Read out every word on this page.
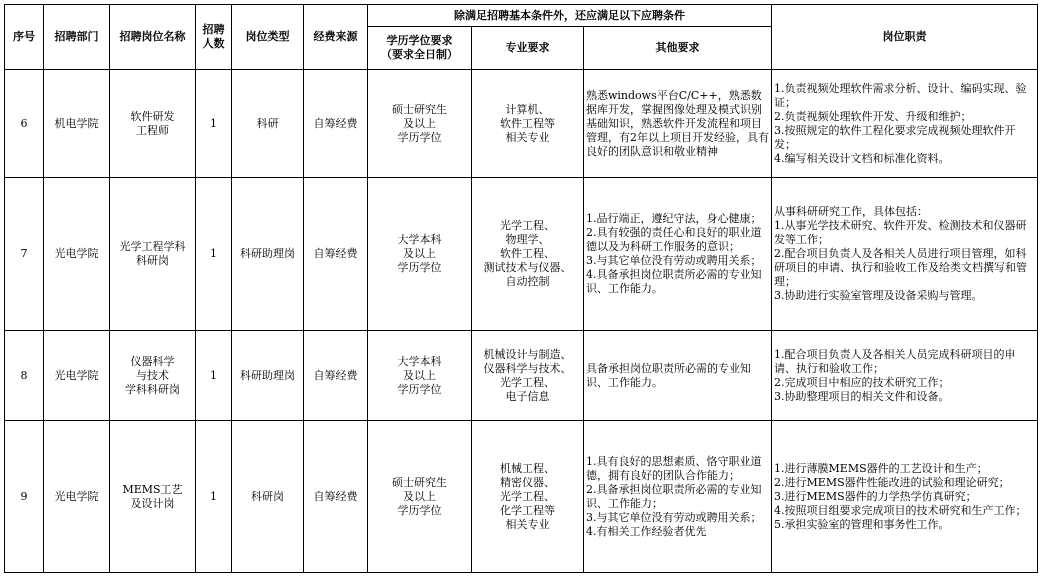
序号	招聘部门	招聘岗位名称	招聘
人数	岗位类型	经费来源	除满足招聘基本条件外，还应满足以下应聘条件			岗位职责
						学历学位要求
（要求全日制）	专业要求	其他要求	
6	机电学院	软件研发
工程师	1	科研	自筹经费	硕士研究生
及以上
学历学位	计算机、
软件工程等
相关专业	熟悉windows平台C/C++，熟悉数据库开发，掌握图像处理及模式识别基础知识，熟悉软件开发流程和项目管理，有2年以上项目开发经验，具有良好的团队意识和敬业精神	1.负责视频处理软件需求分析、设计、编码实现、验证；
2.负责视频处理软件开发、升级和维护；
3.按照规定的软件工程化要求完成视频处理软件开发；
4.编写相关设计文档和标准化资料。
7	光电学院	光学工程学科
科研岗	1	科研助理岗	自筹经费	大学本科
及以上
学历学位	光学工程、
物理学、
软件工程、
测试技术与仪器、
自动控制	1.品行端正，遵纪守法，身心健康；
2.具有较强的责任心和良好的职业道德以及为科研工作服务的意识；
3.与其它单位没有劳动或聘用关系；
4.具备承担岗位职责所必需的专业知识、工作能力。	从事科研研究工作，具体包括：
1.从事光学技术研究、软件开发、检测技术和仪器研发等工作；
2.配合项目负责人及各相关人员进行项目管理，如科研项目的申请、执行和验收工作及给类文档撰写和管理；
3.协助进行实验室管理及设备采购与管理。
8	光电学院	仪器科学
与技术
学科科研岗	1	科研助理岗	自筹经费	大学本科
及以上
学历学位	机械设计与制造、
仪器科学与技术、
光学工程、
电子信息	具备承担岗位职责所必需的专业知识、工作能力。	1.配合项目负责人及各相关人员完成科研项目的申请、执行和验收工作；
2.完成项目中相应的技术研究工作；
3.协助整理项目的相关文件和设备。
9	光电学院	MEMS工艺
及设计岗	1	科研岗	自筹经费	硕士研究生
及以上
学历学位	机械工程、
精密仪器、
光学工程、
化学工程等
相关专业	1.具有良好的思想素质、恪守职业道德，拥有良好的团队合作能力；
2.具备承担岗位职责所必需的专业知识、工作能力；
3.与其它单位没有劳动或聘用关系；
4.有相关工作经验者优先	1.进行薄膜MEMS器件的工艺设计和生产；
2.进行MEMS器件性能改进的试验和理论研究；
3.进行MEMS器件的力学热学仿真研究；
4.按照项目组要求完成项目的技术研究和生产工作；
5.承担实验室的管理和事务性工作。
